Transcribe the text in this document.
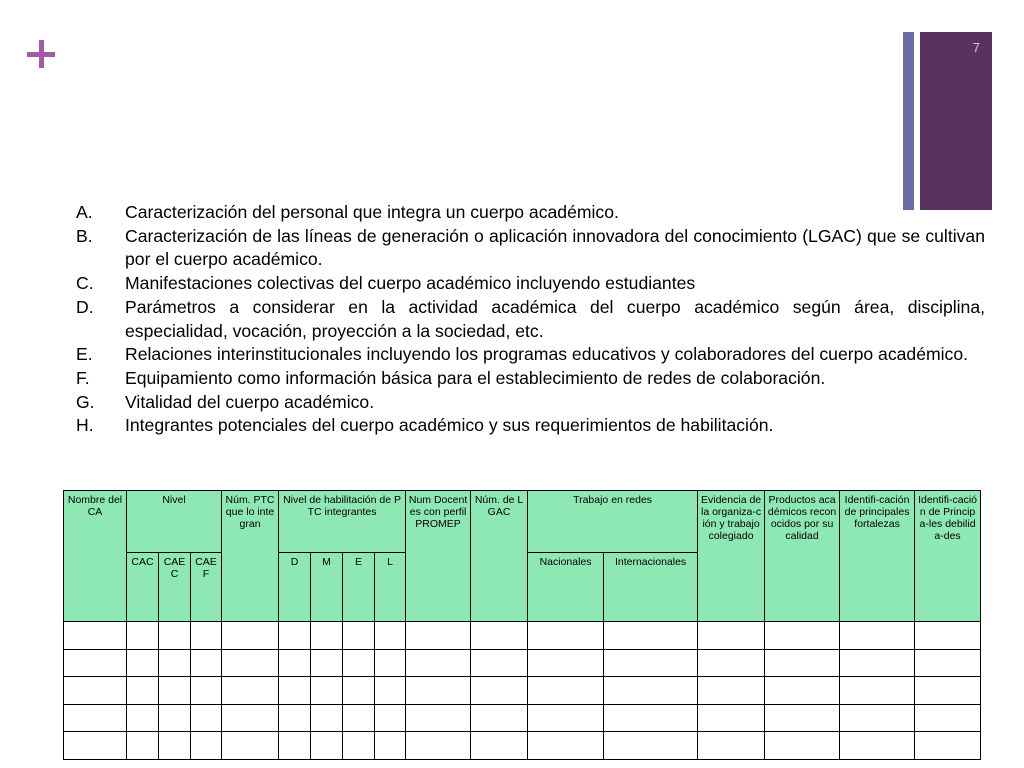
7
A.	Caracterización del personal que integra un cuerpo académico.
B.	Caracterización de las líneas de generación o aplicación innovadora del conocimiento (LGAC) que se cultivan por el cuerpo académico.
C.	Manifestaciones colectivas del cuerpo académico incluyendo estudiantes
D.	Parámetros a considerar en la actividad académica del cuerpo académico según área, disciplina, especialidad, vocación, proyección a la sociedad, etc.
E.	Relaciones interinstitucionales incluyendo los programas educativos y colaboradores del cuerpo académico.
F.	Equipamiento como información básica para el establecimiento de redes de colaboración.
G.	Vitalidad del cuerpo académico.
H.	Integrantes potenciales del cuerpo académico y sus requerimientos de habilitación.
Nombre del CA	Nivel			Núm. PTC que lo integran	Nivel de habilitación de PTC integrantes				Num Docentes con perfil PROMEP	Núm. de LGAC	Trabajo en redes		Evidencia de la organiza-ción y trabajo colegiado	Productos académicos reconocidos por su calidad	Identifi-cación de principales fortalezas	Identifi-cación de Principa-les debilida-des
	CAC	CAEC	CAEF		D	M	E	L			Nacionales	Internacionales				
